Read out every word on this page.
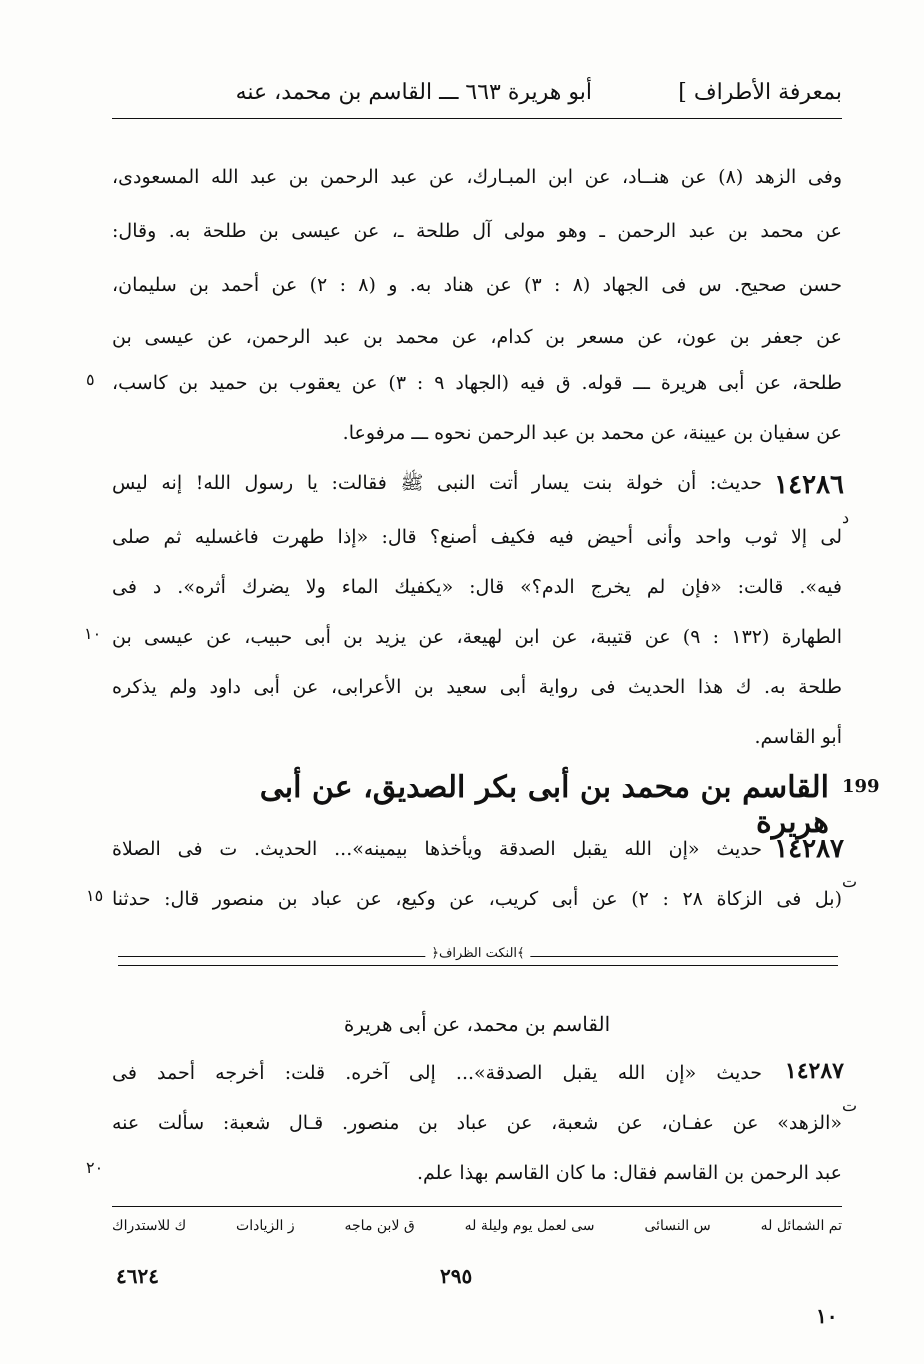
بمعرفة الأطراف ]
أبو هريرة ٦٦٣ ـــ القاسم بن محمد، عنه
وفى الزهد (٨) عن هنــاد، عن ابن المبـارك، عن عبد الرحمن بن عبد الله المسعودى،
عن محمد بن عبد الرحمن ـ وهو مولى آل طلحة ـ، عن عيسى بن طلحة به. وقال:
حسن صحيح. س فى الجهاد (٨ : ٣) عن هناد به. و (٨ : ٢) عن أحمد بن سليمان،
عن جعفر بن عون، عن مسعر بن كدام، عن محمد بن عبد الرحمن، عن عيسى بن
طلحة، عن أبى هريرة ـــ قوله. ق فيه (الجهاد ٩ : ٣) عن يعقوب بن حميد بن كاسب،
عن سفيان بن عيينة، عن محمد بن عبد الرحمن نحوه ـــ مرفوعا.
٥
حديث: أن خولة بنت يسار أتت النبى ﷺ فقالت: يا رسول الله! إنه ليس ١٤٢٨٦
د
لى إلا ثوب واحد وأنى أحيض فيه فكيف أصنع؟ قال: «إذا طهرت فاغسليه ثم صلى
فيه». قالت: «فإن لم يخرج الدم؟» قال: «يكفيك الماء ولا يضرك أثره». د فى
الطهارة (١٣٢ : ٩) عن قتيبة، عن ابن لهيعة، عن يزيد بن أبى حبيب، عن عيسى بن
طلحة به. ك هذا الحديث فى رواية أبى سعيد بن الأعرابى، عن أبى داود ولم يذكره
أبو القاسم.
١٠
القاسم بن محمد بن أبى بكر الصديق، عن أبى هريرة
199
حديث «إن الله يقبل الصدقة ويأخذها بيمينه»... الحديث. ت فى الصلاة ١٤٢٨٧
ت
(بل فى الزكاة ٢٨ : ٢) عن أبى كريب، عن وكيع، عن عباد بن منصور قال: حدثنا
١٥
﴿النكت الظراف﴾
القاسم بن محمد، عن أبى هريرة
حديث «إن الله يقبل الصدقة»... إلى آخره. قلت: أخرجه أحمد فى ١٤٢٨٧
ت
«الزهد» عن عفـان، عن شعبة، عن عباد بن منصور. قـال شعبة: سألت عنه
عبد الرحمن بن القاسم فقال: ما كان القاسم بهذا علم.
٢٠
تم الشمائل له
س النسائى
سى لعمل يوم وليلة له
ق لابن ماجه
ز الزيادات
ك للاستدراك
٤٦٢٤	٢٩٥
١٠
